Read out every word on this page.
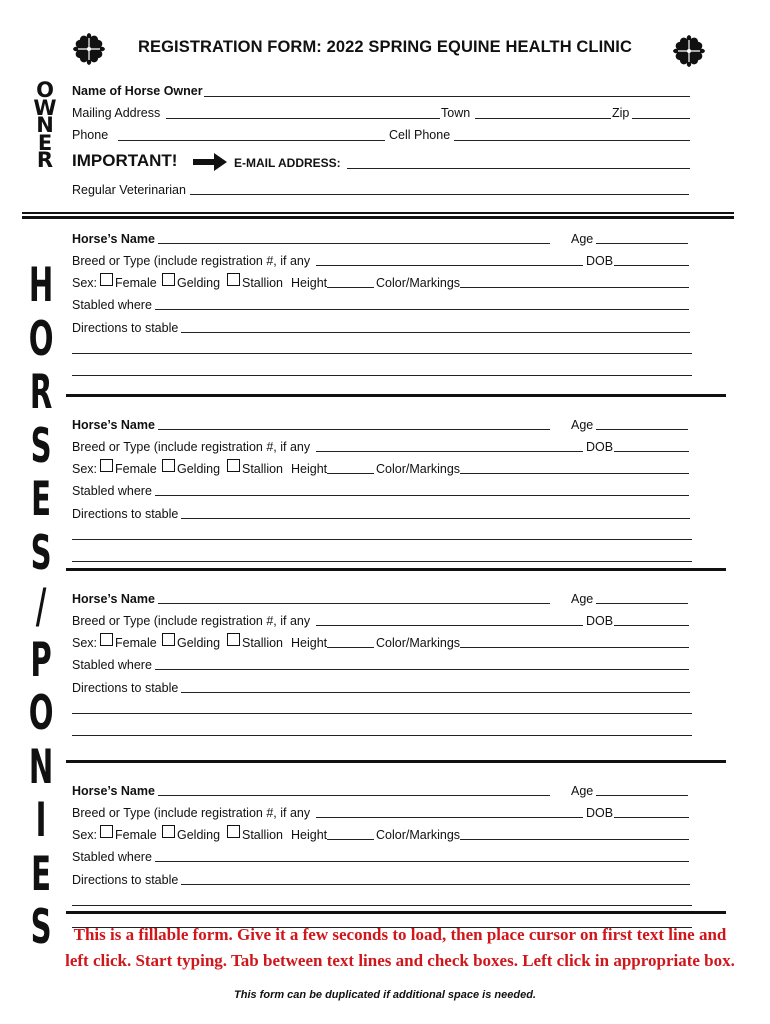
REGISTRATION FORM: 2022 SPRING EQUINE HEALTH CLINIC
O
W
N
E
R
Name of Horse Owner
Mailing Address	Town	Zip
Phone	Cell Phone
IMPORTANT!	E-MAIL ADDRESS:
Regular Veterinarian
H
O
R
S
E
S
/
P
O
N
I
E
S
Horse’s Name	Age
Breed or Type (include registration #, if any	DOB
Sex: Female Gelding Stallion Height	Color/Markings
Stabled where
Directions to stable
Horse’s Name	Age
Breed or Type (include registration #, if any	DOB
Sex: Female Gelding Stallion Height	Color/Markings
Stabled where
Directions to stable
Horse’s Name	Age
Breed or Type (include registration #, if any	DOB
Sex: Female Gelding Stallion Height	Color/Markings
Stabled where
Directions to stable
Horse’s Name	Age
Breed or Type (include registration #, if any	DOB
Sex: Female Gelding Stallion Height	Color/Markings
Stabled where
Directions to stable
This is a fillable form. Give it a few seconds to load, then place cursor on first text line and
left click. Start typing. Tab between text lines and check boxes. Left click in appropriate box.
This form can be duplicated if additional space is needed.
